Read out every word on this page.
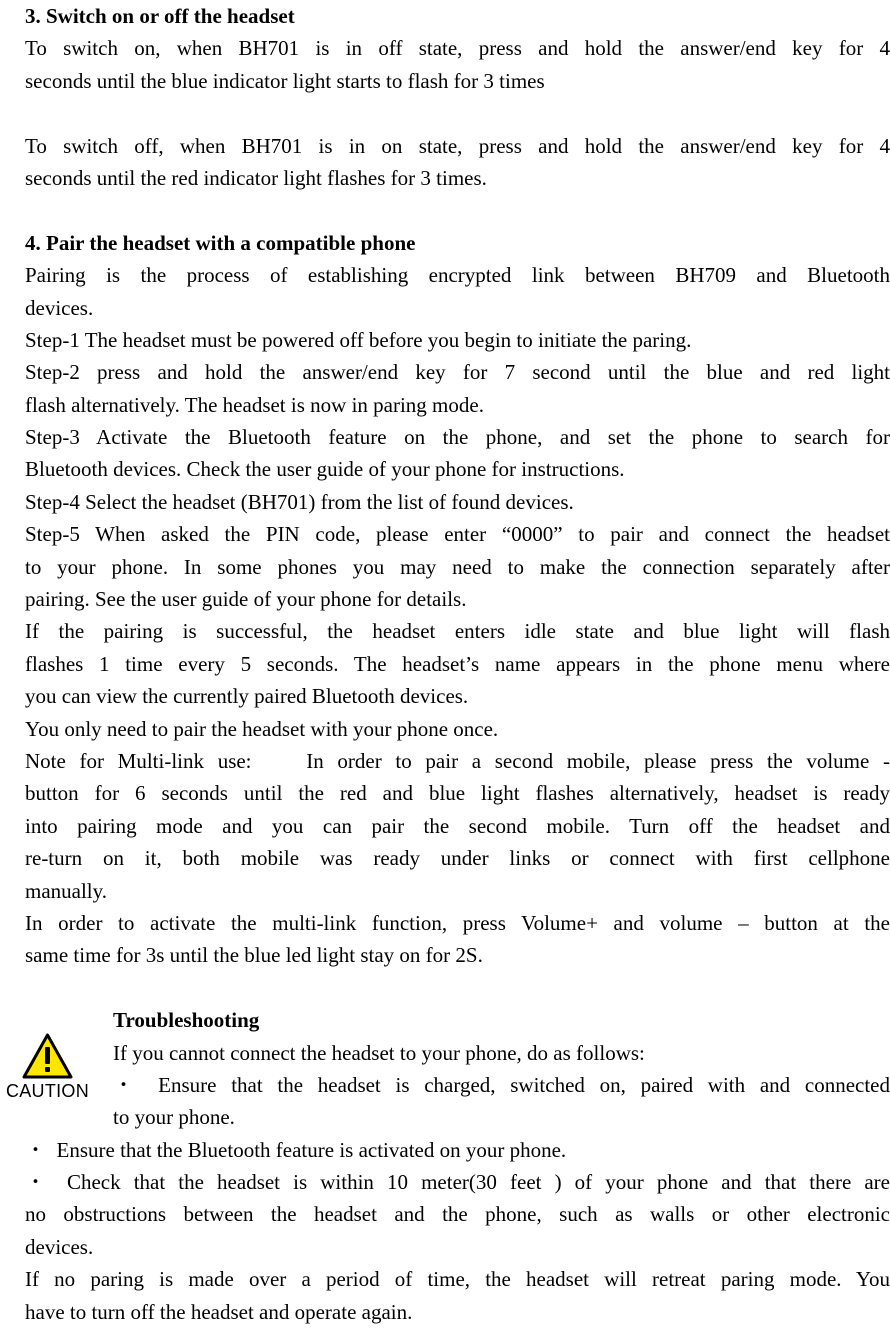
CAUTION
3. Switch on or off the headset
To switch on, when BH701 is in off state, press and hold the answer/end key for 4
seconds until the blue indicator light starts to flash for 3 times
To switch off, when BH701 is in on state, press and hold the answer/end key for 4
seconds until the red indicator light flashes for 3 times.
4. Pair the headset with a compatible phone
Pairing is the process of establishing encrypted link between BH709 and Bluetooth
devices.
Step-1 The headset must be powered off before you begin to initiate the paring.
Step-2 press and hold the answer/end key for 7 second until the blue and red light
flash alternatively. The headset is now in paring mode.
Step-3 Activate the Bluetooth feature on the phone, and set the phone to search for
Bluetooth devices. Check the user guide of your phone for instructions.
Step-4 Select the headset (BH701) from the list of found devices.
Step-5 When asked the PIN code, please enter “0000” to pair and connect the headset
to your phone. In some phones you may need to make the connection separately after
pairing. See the user guide of your phone for details.
If the pairing is successful, the headset enters idle state and blue light will flash
flashes 1 time every 5 seconds. The headset’s name appears in the phone menu where
you can view the currently paired Bluetooth devices.
You only need to pair the headset with your phone once.
Note for Multi-link use:    In order to pair a second mobile, please press the volume -
button for 6 seconds until the red and blue light flashes alternatively, headset is ready
into pairing mode and you can pair the second mobile. Turn off the headset and
re-turn on it, both mobile was ready under links or connect with first cellphone
manually.
In order to activate the multi-link function, press Volume+ and volume – button at the
same time for 3s until the blue led light stay on for 2S.
Troubleshooting
If you cannot connect the headset to your phone, do as follows:
・ Ensure that the headset is charged, switched on, paired with and connected
to your phone.
・  Ensure that the Bluetooth feature is activated on your phone.
・ Check that the headset is within 10 meter(30 feet ) of your phone and that there are
no obstructions between the headset and the phone, such as walls or other electronic
devices.
If no paring is made over a period of time, the headset will retreat paring mode. You
have to turn off the headset and operate again.
